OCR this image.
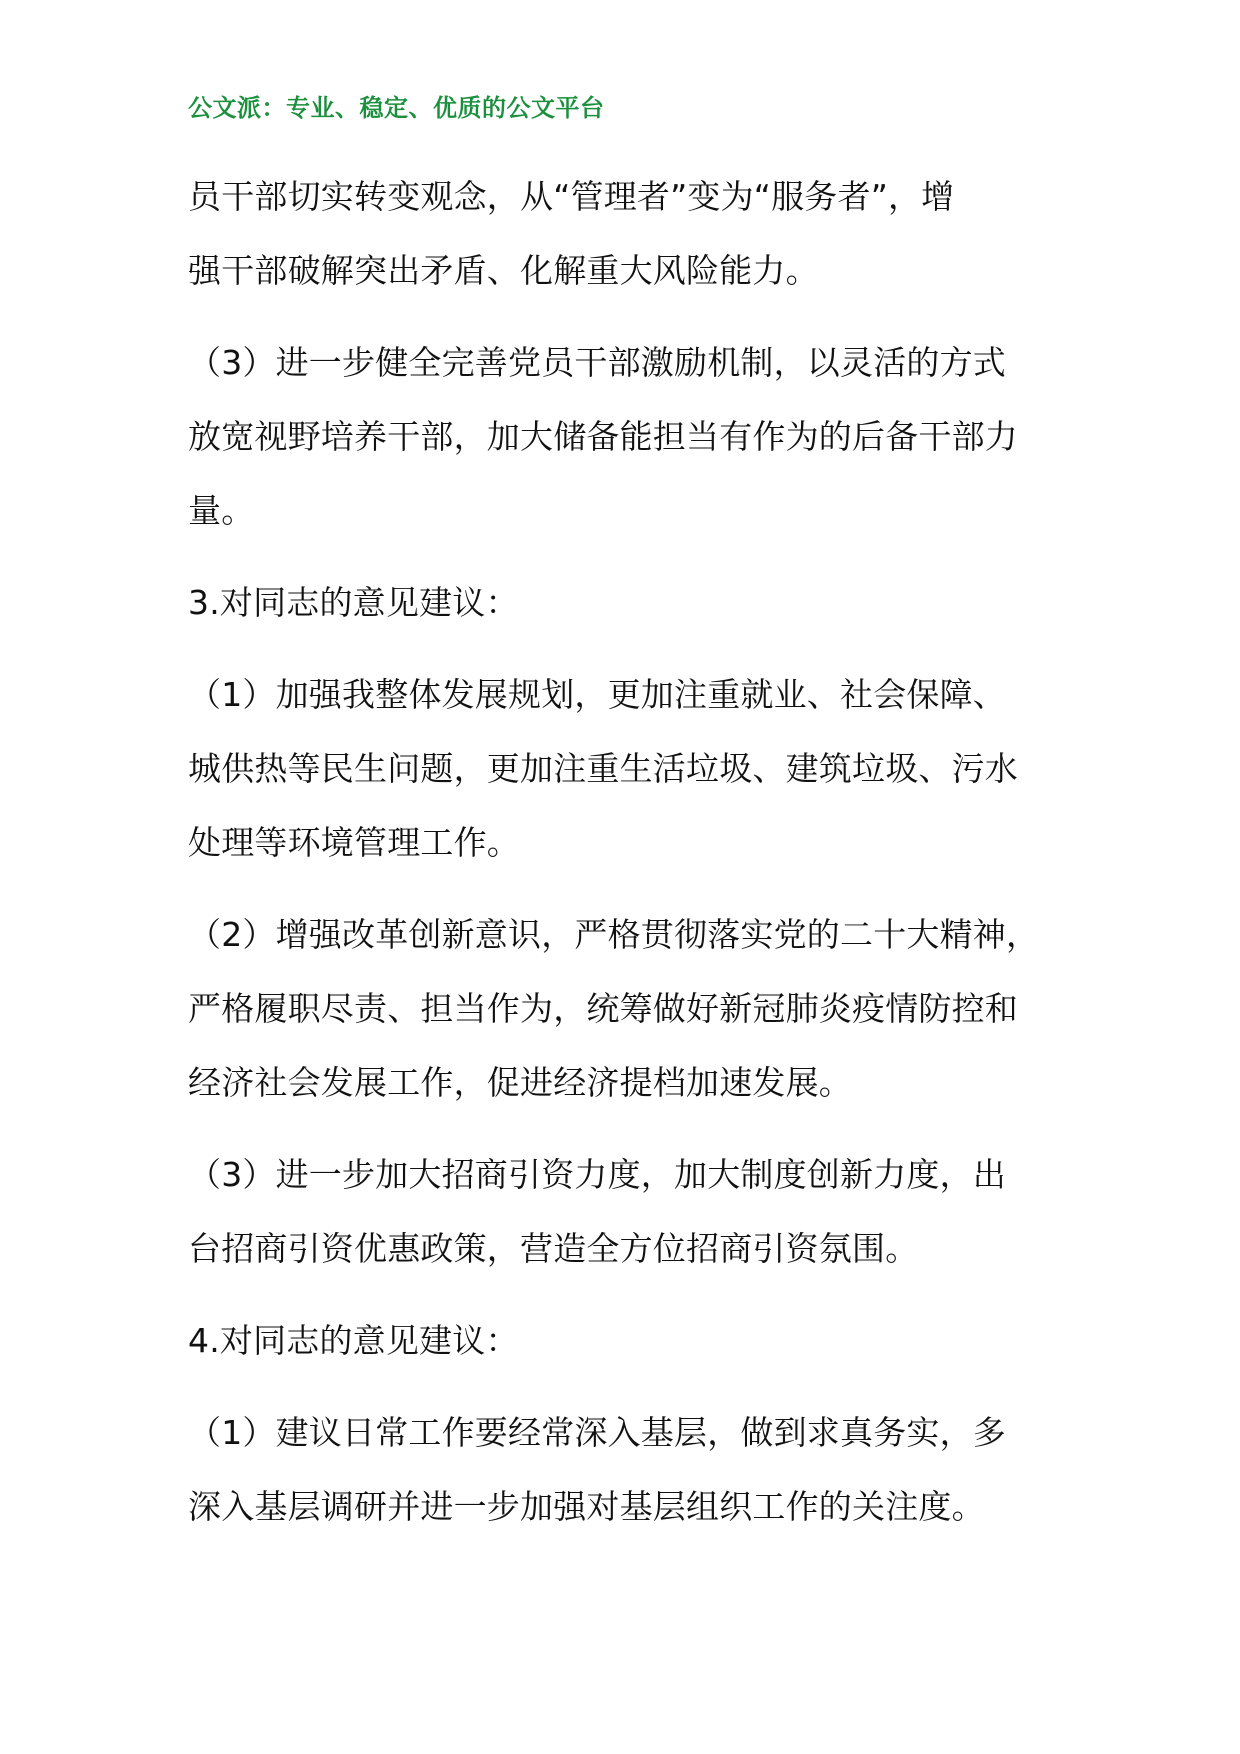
公文派：专业、稳定、优质的公文平台
员干部切实转变观念，从“管理者”变为“服务者”，增
强干部破解突出矛盾、化解重大风险能力。
（3）进一步健全完善党员干部激励机制，以灵活的方式
放宽视野培养干部，加大储备能担当有作为的后备干部力
量。
3.对同志的意见建议：
（1）加强我整体发展规划，更加注重就业、社会保障、
城供热等民生问题，更加注重生活垃圾、建筑垃圾、污水
处理等环境管理工作。
（2）增强改革创新意识，严格贯彻落实党的二十大精神，
严格履职尽责、担当作为，统筹做好新冠肺炎疫情防控和
经济社会发展工作，促进经济提档加速发展。
（3）进一步加大招商引资力度，加大制度创新力度，出
台招商引资优惠政策，营造全方位招商引资氛围。
4.对同志的意见建议：
（1）建议日常工作要经常深入基层，做到求真务实，多
深入基层调研并进一步加强对基层组织工作的关注度。
